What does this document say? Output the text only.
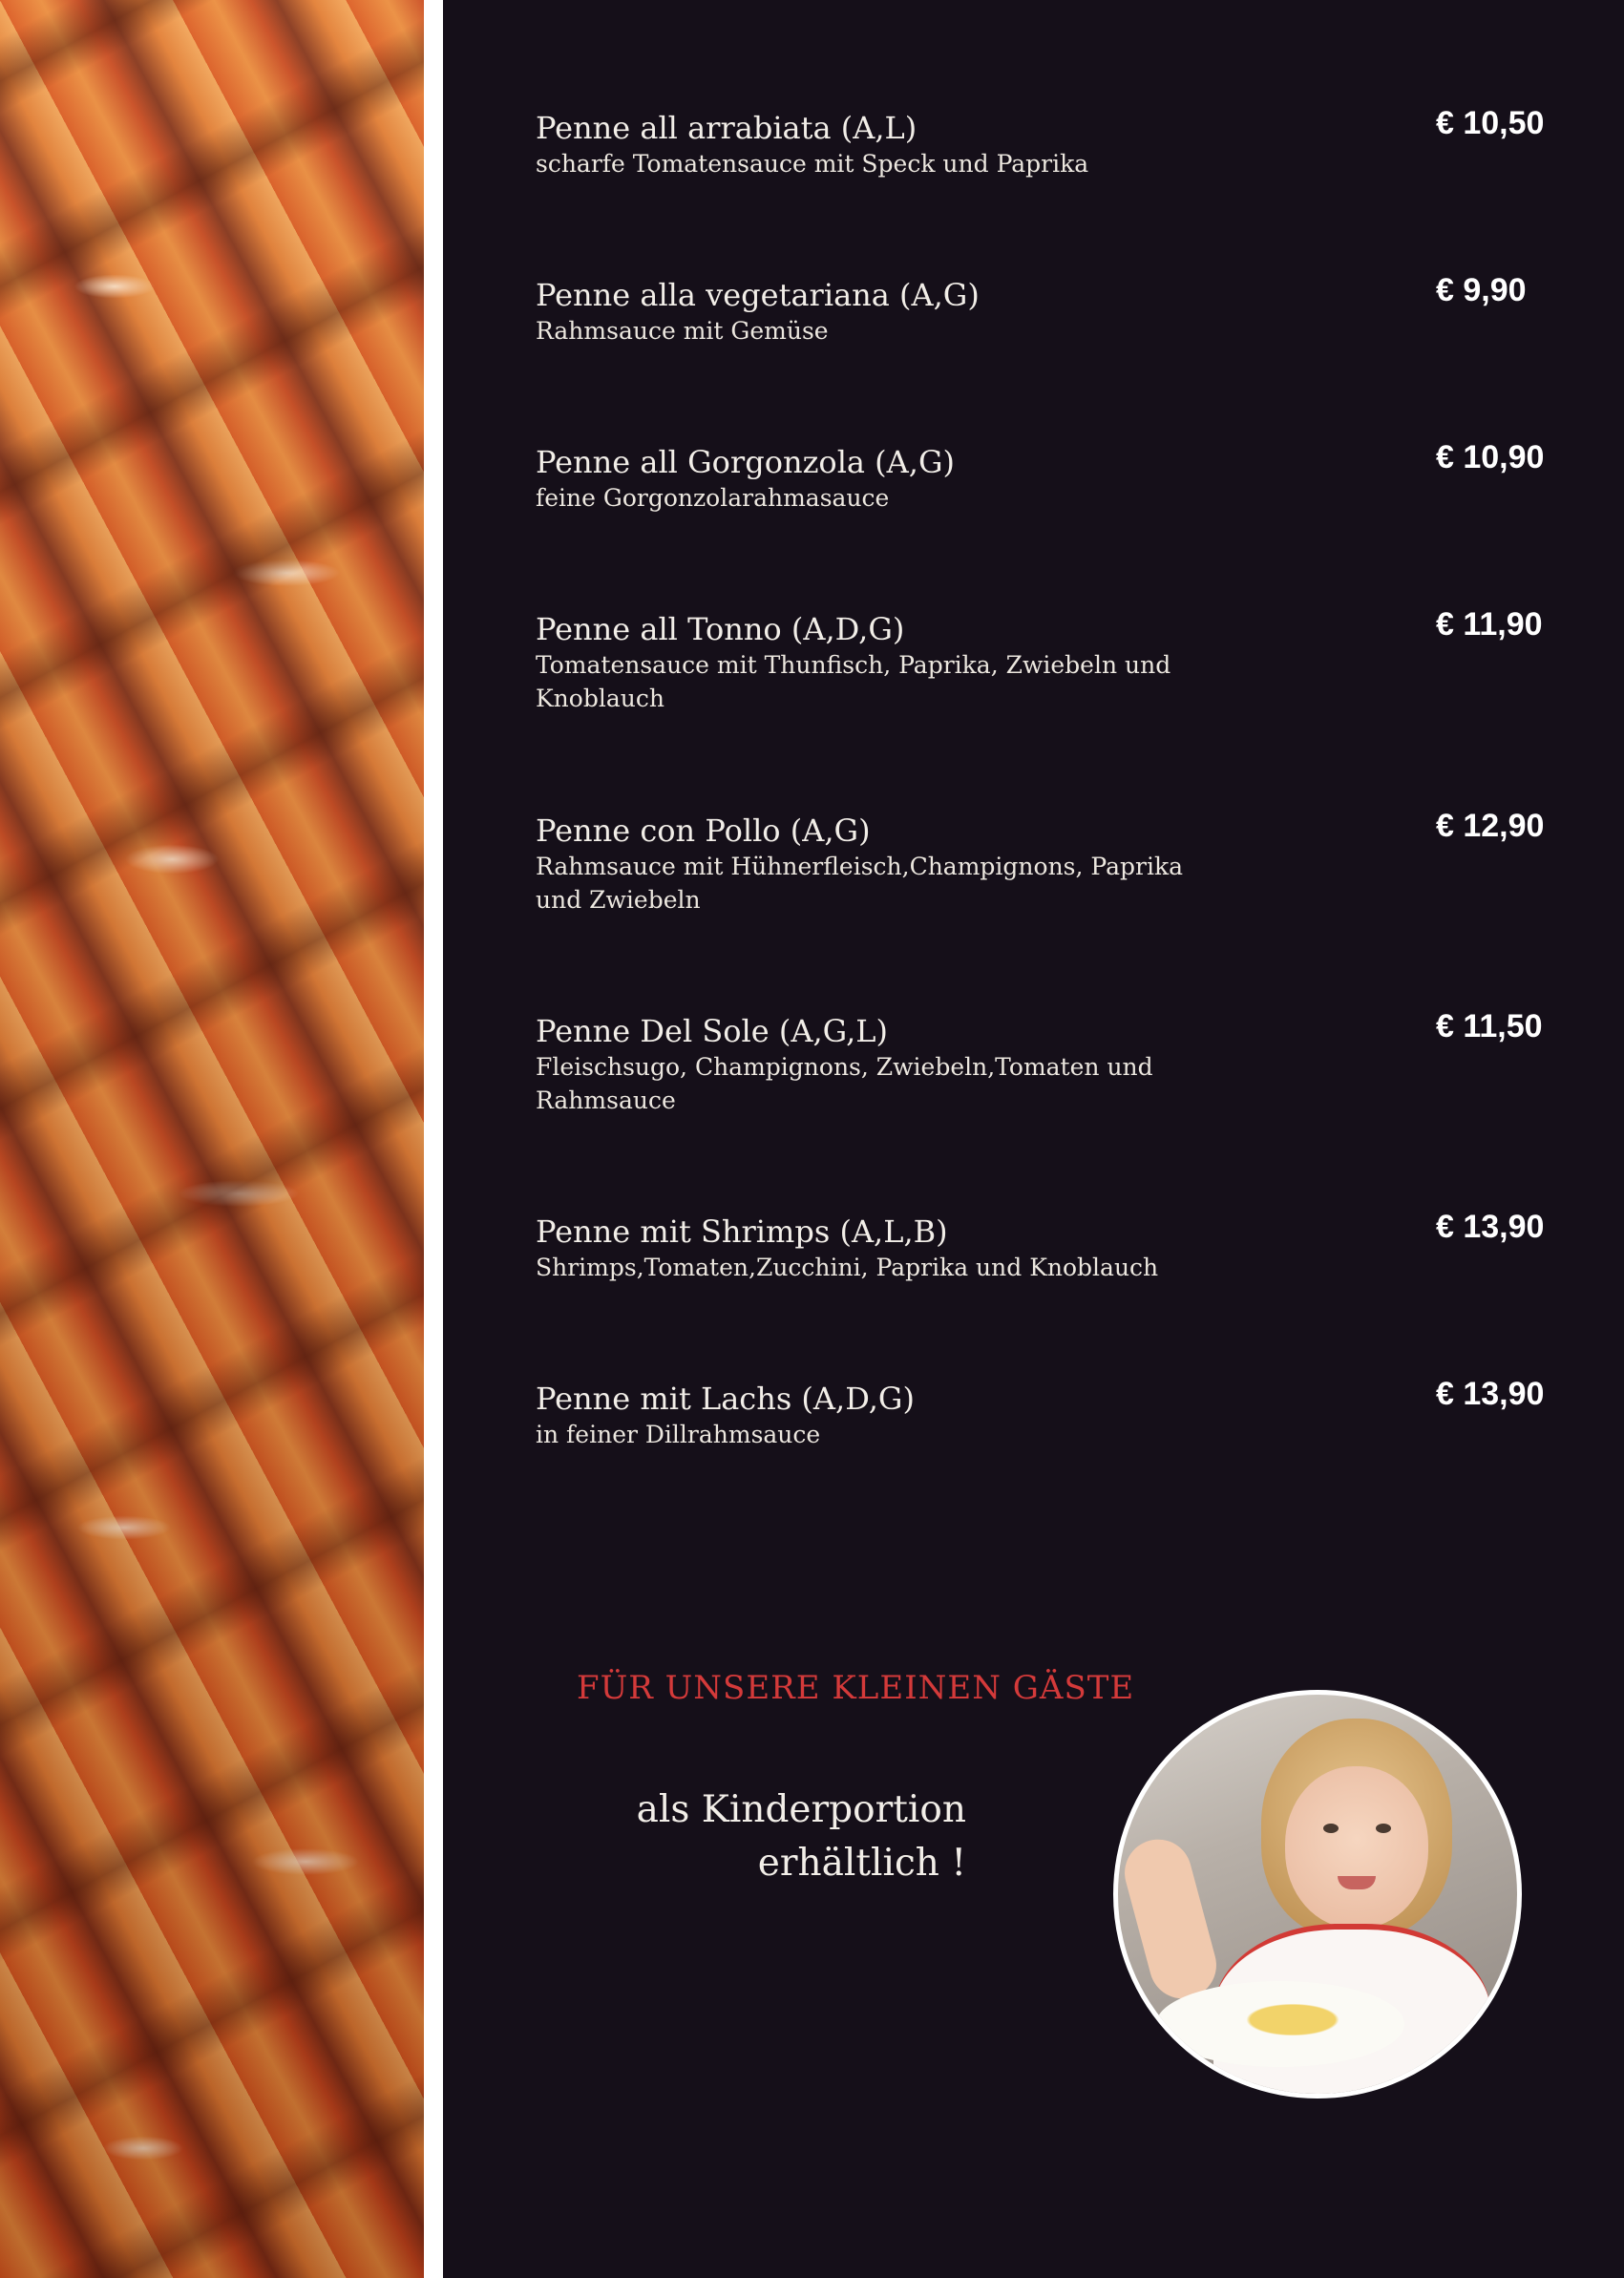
Penne all arrabiata (A,L)
scharfe Tomatensauce mit Speck und Paprika
€ 10,50
Penne alla vegetariana (A,G)
Rahmsauce mit Gemüse
€ 9,90
Penne all Gorgonzola (A,G)
feine Gorgonzolarahmasauce
€ 10,90
Penne all Tonno (A,D,G)
Tomatensauce mit Thunfisch, Paprika, Zwiebeln und Knoblauch
€ 11,90
Penne con Pollo (A,G)
Rahmsauce mit Hühnerfleisch,Champignons, Paprika und Zwiebeln
€ 12,90
Penne Del Sole (A,G,L)
Fleischsugo, Champignons, Zwiebeln,Tomaten und Rahmsauce
€ 11,50
Penne mit Shrimps (A,L,B)
Shrimps,Tomaten,Zucchini, Paprika und Knoblauch
€ 13,90
Penne mit Lachs (A,D,G)
in feiner Dillrahmsauce
€ 13,90
FÜR UNSERE KLEINEN GÄSTE
als Kinderportion
erhältlich !
